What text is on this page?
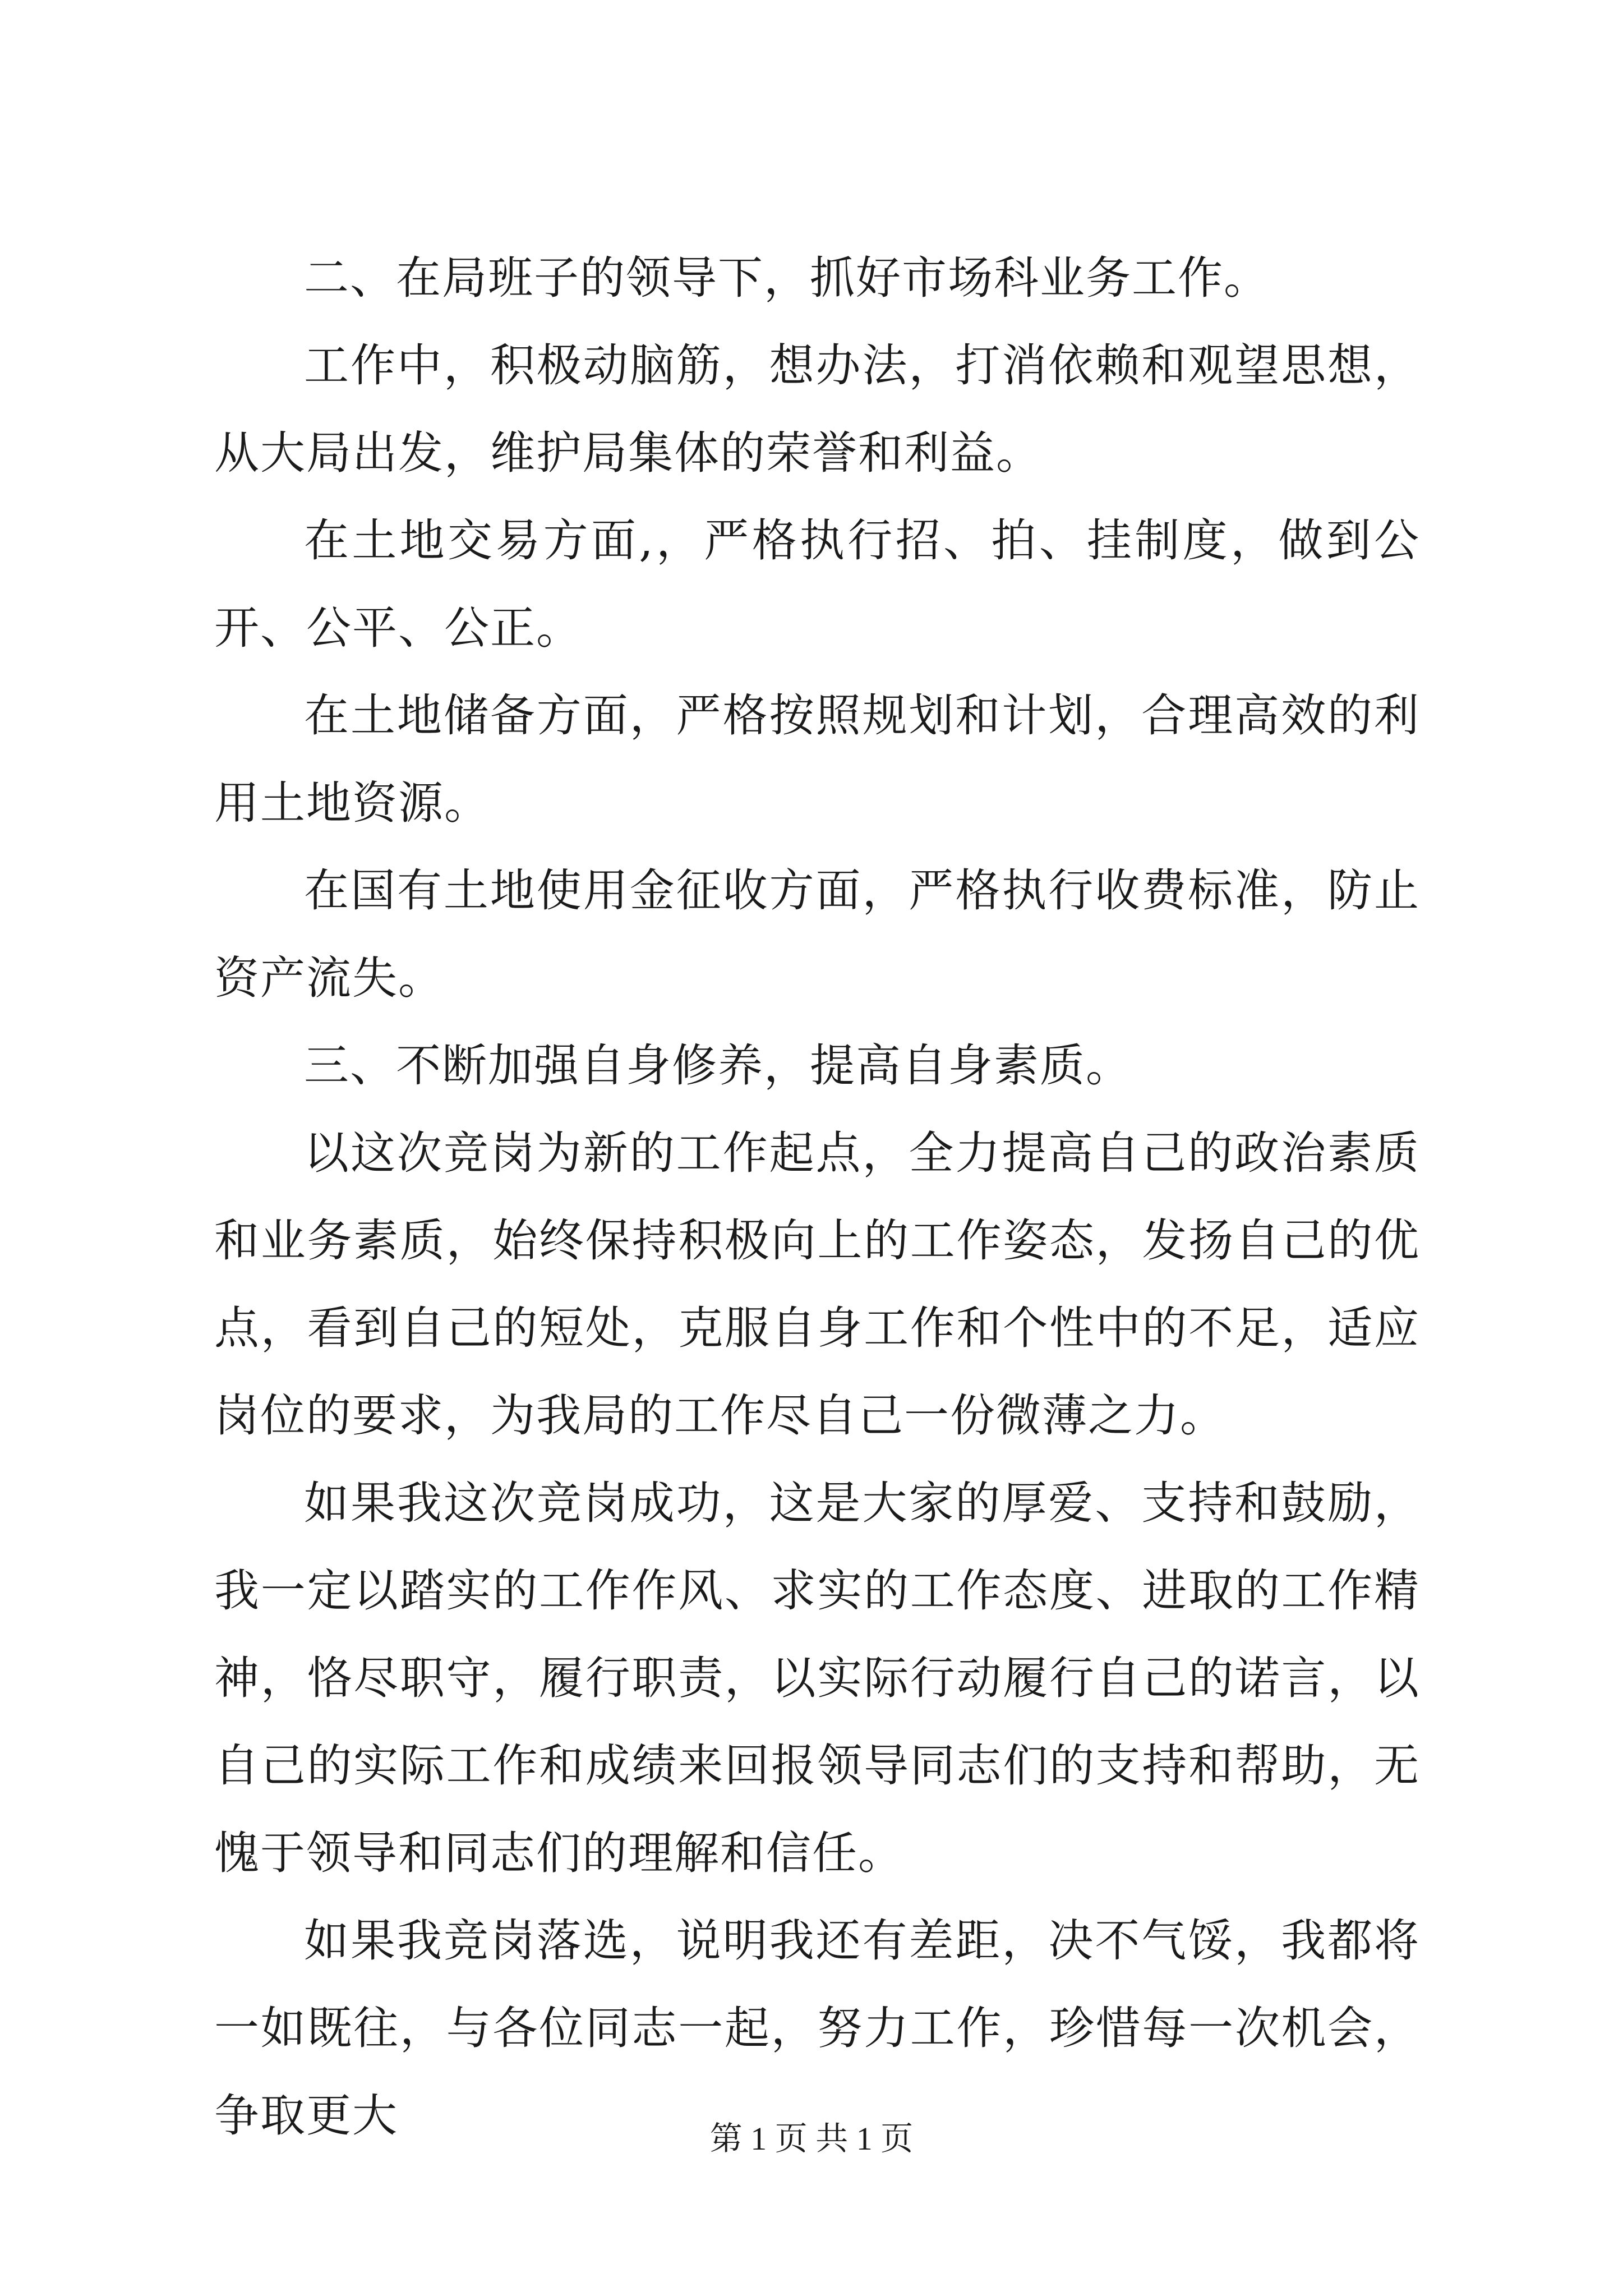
二、在局班子的领导下，抓好市场科业务工作。

工作中，积极动脑筋，想办法，打消依赖和观望思想，从大局出发，维护局集体的荣誉和利益。

在土地交易方面,，严格执行招、拍、挂制度，做到公开、公平、公正。

在土地储备方面，严格按照规划和计划，合理高效的利用土地资源。

在国有土地使用金征收方面，严格执行收费标准，防止资产流失。

三、不断加强自身修养，提高自身素质。

以这次竞岗为新的工作起点，全力提高自己的政治素质和业务素质，始终保持积极向上的工作姿态，发扬自己的优点，看到自己的短处，克服自身工作和个性中的不足，适应岗位的要求，为我局的工作尽自己一份微薄之力。

如果我这次竞岗成功，这是大家的厚爱、支持和鼓励，我一定以踏实的工作作风、求实的工作态度、进取的工作精神，恪尽职守，履行职责，以实际行动履行自己的诺言，以自己的实际工作和成绩来回报领导同志们的支持和帮助，无愧于领导和同志们的理解和信任。

如果我竞岗落选，说明我还有差距，决不气馁，我都将一如既往，与各位同志一起，努力工作，珍惜每一次机会，争取更大	第 1 页 共 1 页
